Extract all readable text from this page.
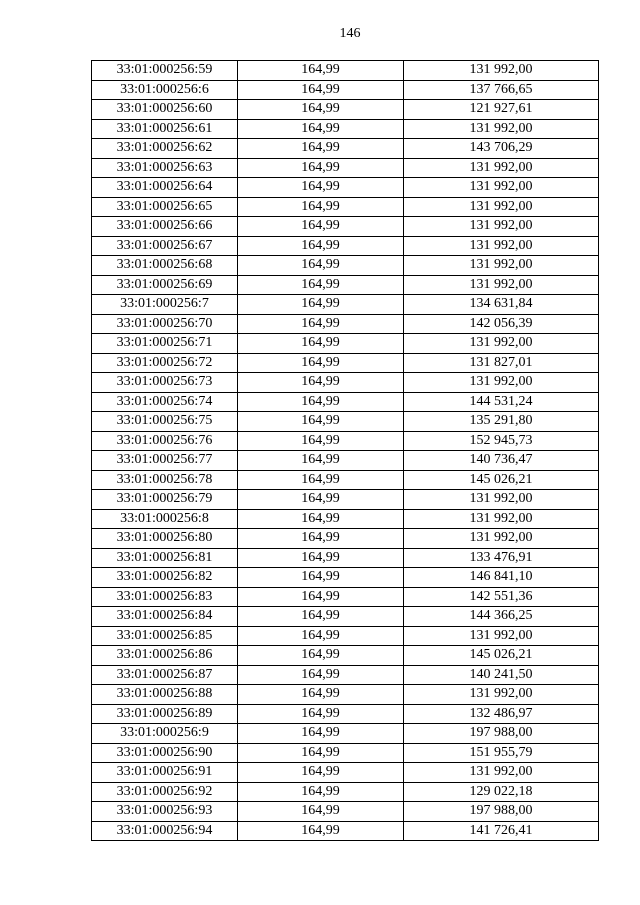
146
33:01:000256:59	164,99	131 992,00
33:01:000256:6	164,99	137 766,65
33:01:000256:60	164,99	121 927,61
33:01:000256:61	164,99	131 992,00
33:01:000256:62	164,99	143 706,29
33:01:000256:63	164,99	131 992,00
33:01:000256:64	164,99	131 992,00
33:01:000256:65	164,99	131 992,00
33:01:000256:66	164,99	131 992,00
33:01:000256:67	164,99	131 992,00
33:01:000256:68	164,99	131 992,00
33:01:000256:69	164,99	131 992,00
33:01:000256:7	164,99	134 631,84
33:01:000256:70	164,99	142 056,39
33:01:000256:71	164,99	131 992,00
33:01:000256:72	164,99	131 827,01
33:01:000256:73	164,99	131 992,00
33:01:000256:74	164,99	144 531,24
33:01:000256:75	164,99	135 291,80
33:01:000256:76	164,99	152 945,73
33:01:000256:77	164,99	140 736,47
33:01:000256:78	164,99	145 026,21
33:01:000256:79	164,99	131 992,00
33:01:000256:8	164,99	131 992,00
33:01:000256:80	164,99	131 992,00
33:01:000256:81	164,99	133 476,91
33:01:000256:82	164,99	146 841,10
33:01:000256:83	164,99	142 551,36
33:01:000256:84	164,99	144 366,25
33:01:000256:85	164,99	131 992,00
33:01:000256:86	164,99	145 026,21
33:01:000256:87	164,99	140 241,50
33:01:000256:88	164,99	131 992,00
33:01:000256:89	164,99	132 486,97
33:01:000256:9	164,99	197 988,00
33:01:000256:90	164,99	151 955,79
33:01:000256:91	164,99	131 992,00
33:01:000256:92	164,99	129 022,18
33:01:000256:93	164,99	197 988,00
33:01:000256:94	164,99	141 726,41
